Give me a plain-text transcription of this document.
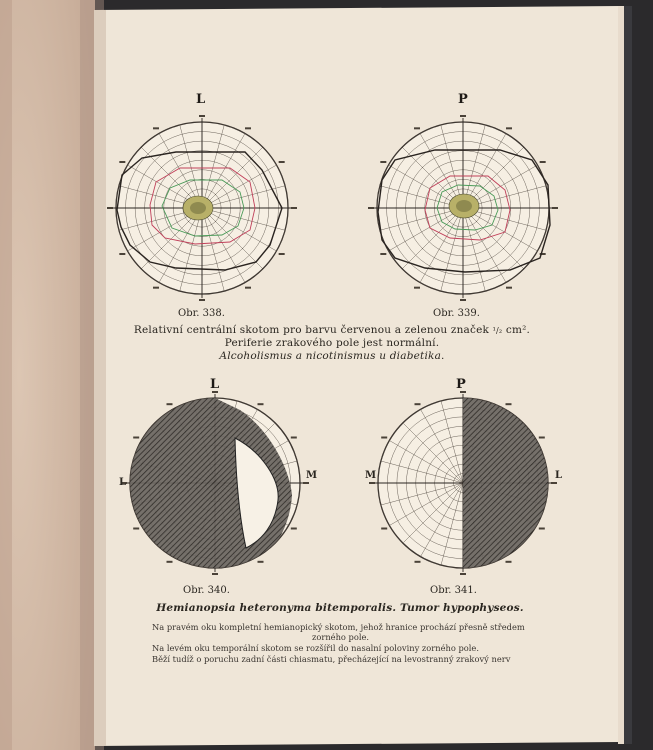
L	P
L	P
L
M	M	L
Obr. 338.	Obr. 339.
Obr. 340.	Obr. 341.
Relativní centrální skotom pro barvu červenou a zelenou značek ¹/₂ cm².
Periferie zrakového pole jest normální.
Alcoholismus a nicotinismus u diabetika.
Hemianopsia heteronyma bitemporalis. Tumor hypophyseos.
Na pravém oku kompletní hemianopický skotom, jehož hranice prochází přesně středem
zorného pole.
Na levém oku temporální skotom se rozšířil do nasalní poloviny zorného pole.
Běží tudíž o poruchu zadní části chiasmatu, přecházející na levostranný zrakový nerv
